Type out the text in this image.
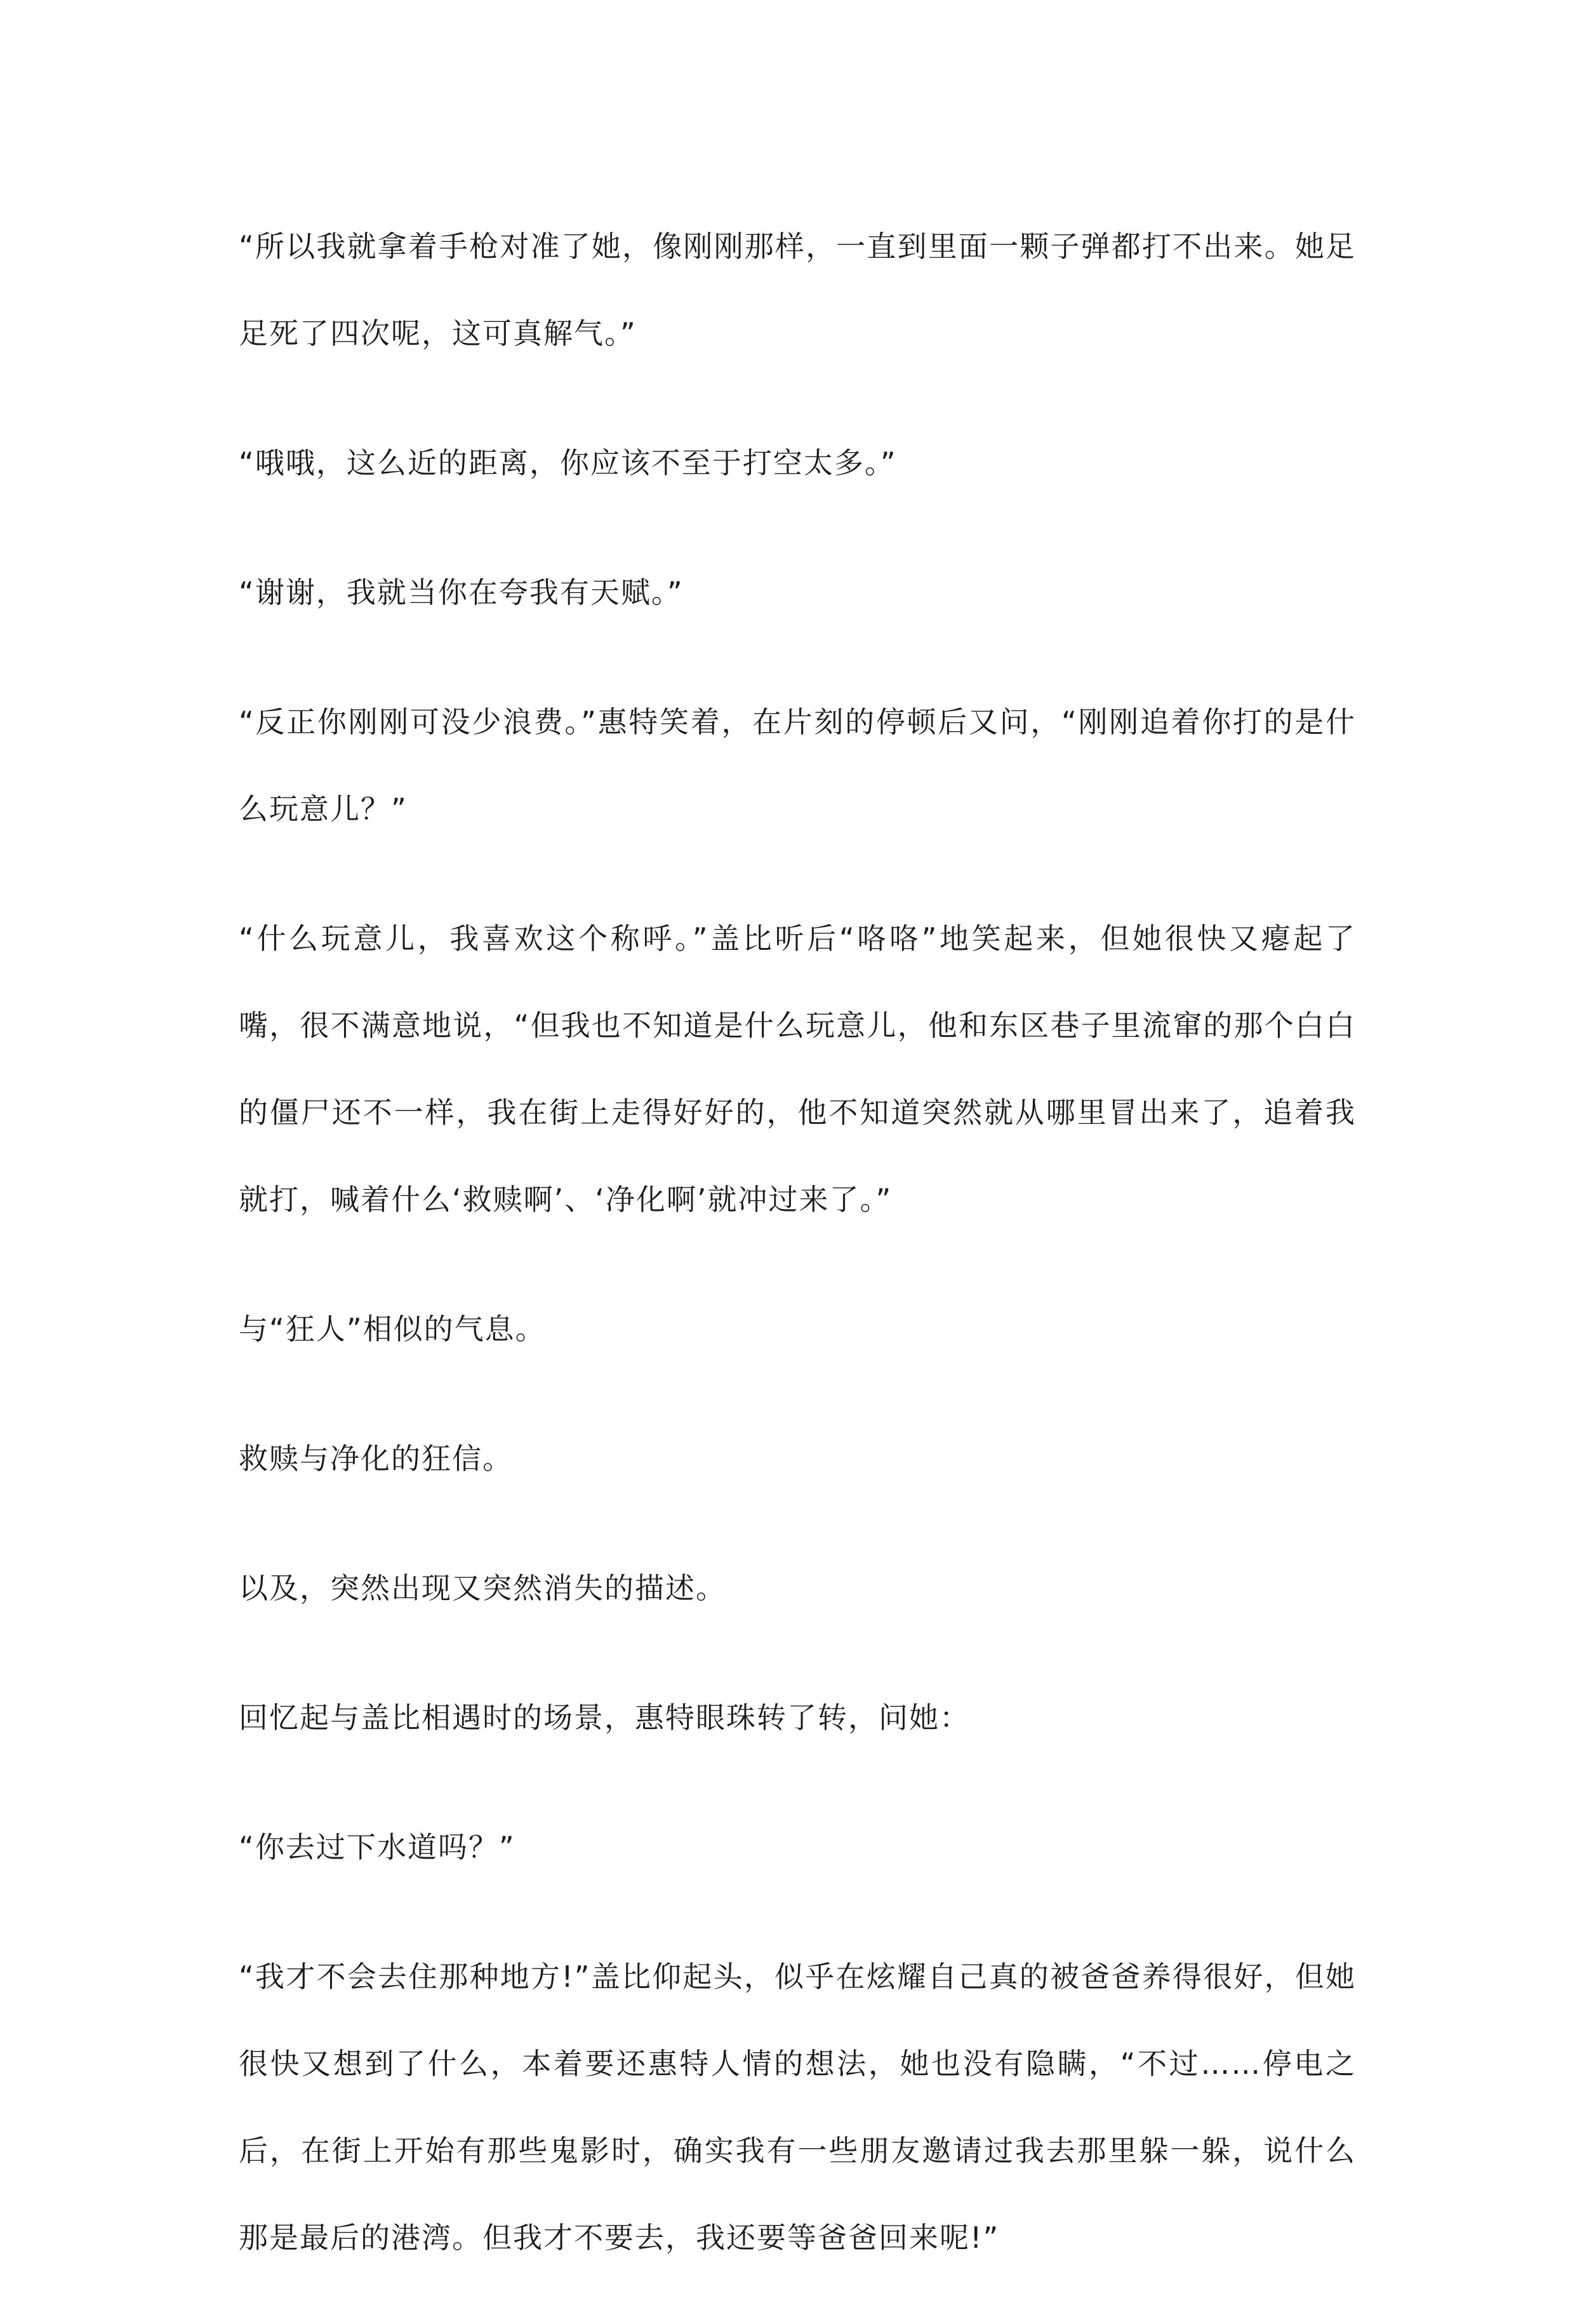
“所以我就拿着手枪对准了她，像刚刚那样，一直到里面一颗子弹都打不出来。她足足死了四次呢，这可真解气。”

“哦哦，这么近的距离，你应该不至于打空太多。”

“谢谢，我就当你在夸我有天赋。”

“反正你刚刚可没少浪费。”惠特笑着，在片刻的停顿后又问，“刚刚追着你打的是什么玩意儿？”

“什么玩意儿，我喜欢这个称呼。”盖比听后“咯咯”地笑起来，但她很快又瘪起了嘴，很不满意地说，“但我也不知道是什么玩意儿，他和东区巷子里流窜的那个白白的僵尸还不一样，我在街上走得好好的，他不知道突然就从哪里冒出来了，追着我就打，喊着什么‘救赎啊’、‘净化啊’就冲过来了。”

与“狂人”相似的气息。

救赎与净化的狂信。

以及，突然出现又突然消失的描述。

回忆起与盖比相遇时的场景，惠特眼珠转了转，问她：

“你去过下水道吗？”

“我才不会去住那种地方!”盖比仰起头，似乎在炫耀自己真的被爸爸养得很好，但她很快又想到了什么，本着要还惠特人情的想法，她也没有隐瞒，“不过……停电之后，在街上开始有那些鬼影时，确实我有一些朋友邀请过我去那里躲一躲，说什么那是最后的港湾。但我才不要去，我还要等爸爸回来呢!”
